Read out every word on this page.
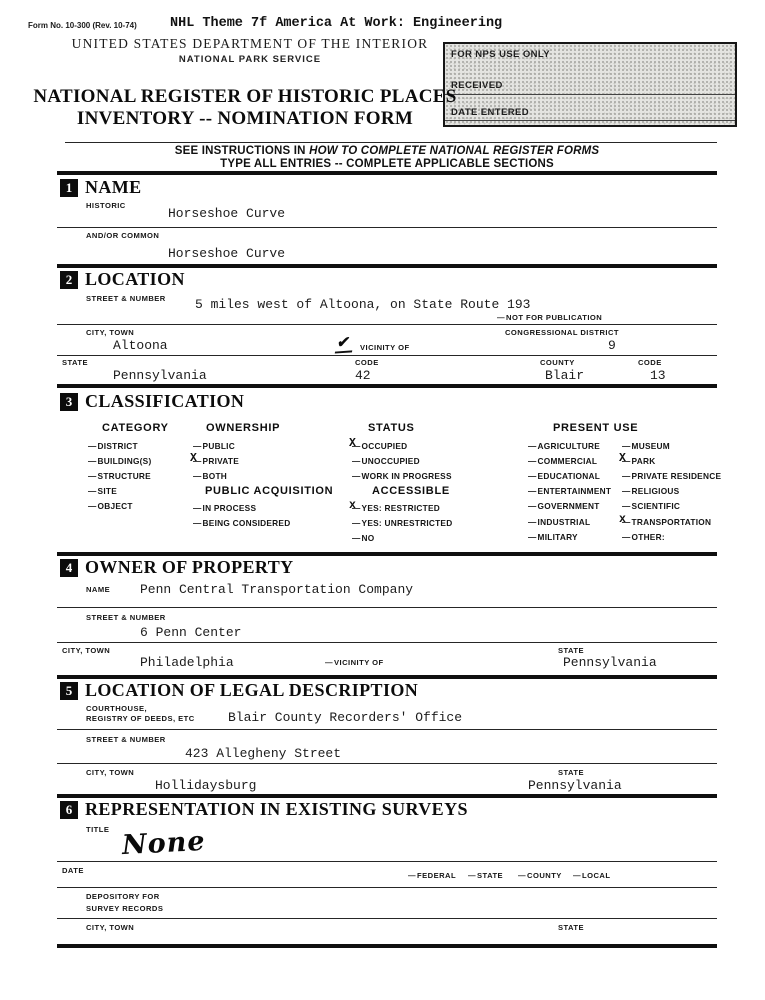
Form No. 10-300 (Rev. 10-74) NHL Theme 7f America At Work: Engineering
UNITED STATES DEPARTMENT OF THE INTERIOR
NATIONAL PARK SERVICE	FOR NPS USE ONLY
RECEIVED
DATE ENTERED
NATIONAL REGISTER OF HISTORIC PLACES
INVENTORY -- NOMINATION FORM
SEE INSTRUCTIONS IN HOW TO COMPLETE NATIONAL REGISTER FORMS
TYPE ALL ENTRIES -- COMPLETE APPLICABLE SECTIONS
1 NAME
HISTORIC
Horseshoe Curve
AND/OR COMMON
Horseshoe Curve
2 LOCATION
STREET & NUMBER 5 miles west of Altoona, on State Route 193
— NOT FOR PUBLICATION
CITY, TOWN
Altoona	✔	VICINITY OF
CONGRESSIONAL DISTRICT
9
STATE
Pennsylvania
CODE
42
COUNTY
Blair
CODE
13
3 CLASSIFICATION
CATEGORY	OWNERSHIP	STATUS	PRESENT USE
— DISTRICT
— BUILDING(S)
— STRUCTURE
— SITE
— OBJECT
— PUBLIC
X — PRIVATE
— BOTH
PUBLIC ACQUISITION
— IN PROCESS
— BEING CONSIDERED
X — OCCUPIED
— UNOCCUPIED
— WORK IN PROGRESS
ACCESSIBLE
x — YES: RESTRICTED
— YES: UNRESTRICTED
— NO
— AGRICULTURE
— COMMERCIAL
— EDUCATIONAL
— ENTERTAINMENT
— GOVERNMENT
— INDUSTRIAL
— MILITARY
— MUSEUM
X — PARK
— PRIVATE RESIDENCE
— RELIGIOUS
— SCIENTIFIC
x — TRANSPORTATION
— OTHER:
4 OWNER OF PROPERTY
NAME Penn Central Transportation Company
STREET & NUMBER
6 Penn Center
CITY, TOWN
Philadelphia	— VICINITY OF
STATE
Pennsylvania
5 LOCATION OF LEGAL DESCRIPTION
COURTHOUSE,
REGISTRY OF DEEDS, ETC	Blair County Recorders' Office
STREET & NUMBER
423 Allegheny Street
CITY, TOWN
Hollidaysburg
STATE
Pennsylvania
6 REPRESENTATION IN EXISTING SURVEYS
TITLE None
DATE
— FEDERAL	— STATE	— COUNTY	— LOCAL
DEPOSITORY FOR
SURVEY RECORDS
CITY, TOWN	STATE
